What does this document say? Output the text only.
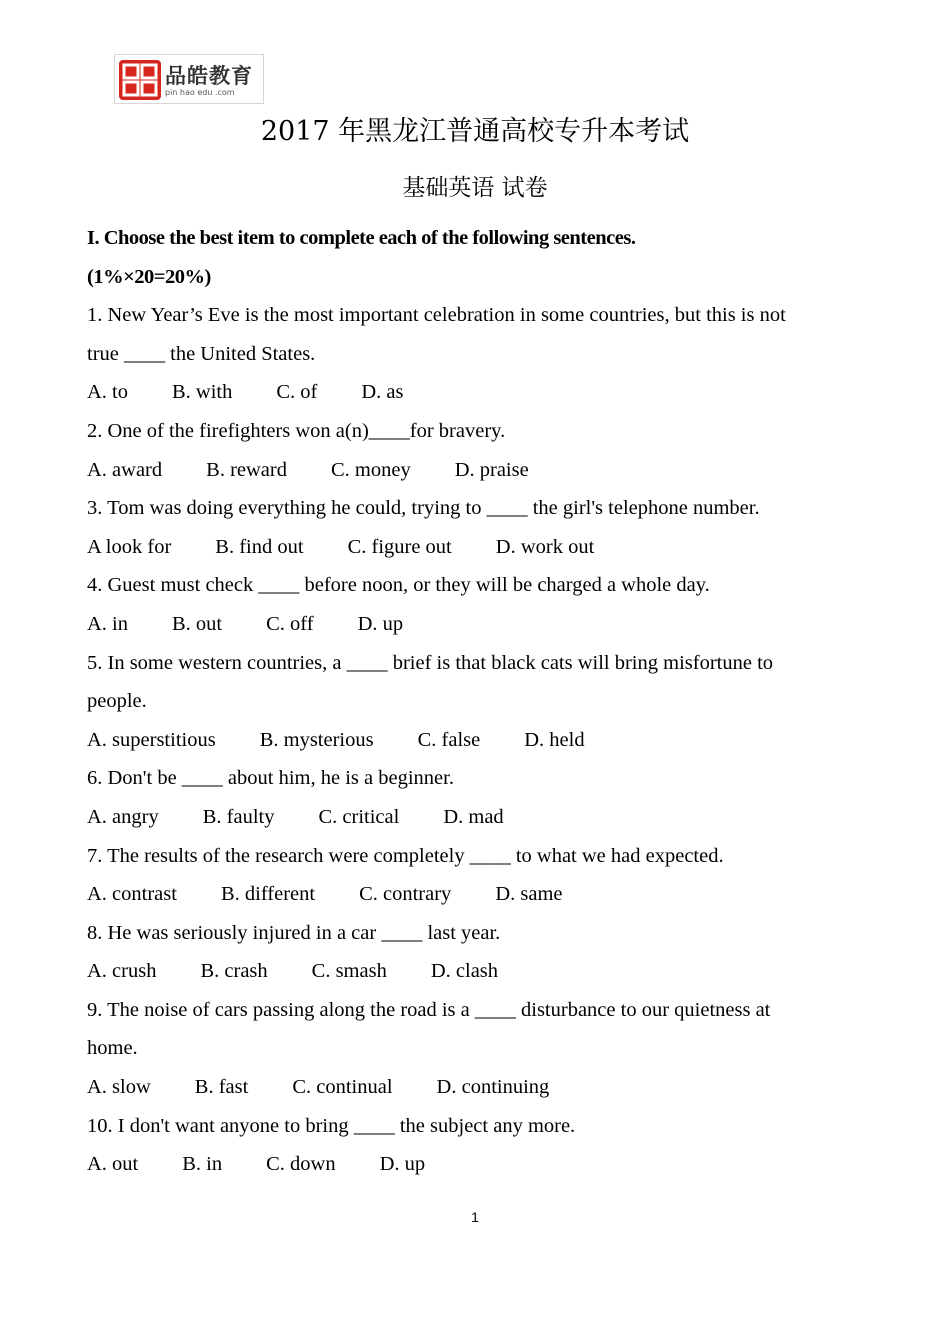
品皓教育
pin hao edu .com
2017 年黑龙江普通高校专升本考试
基础英语 试卷
I. Choose the best item to complete each of the following sentences.
(1%×20=20%)
1. New Year’s Eve is the most important celebration in some countries, but this is not
true ____ the United States.
A. to B. with C. of D. as
2. One of the firefighters won a(n)____for bravery.
A. award B. reward C. money D. praise
3. Tom was doing everything he could, trying to ____ the girl's telephone number.
A look for B. find out C. figure out D. work out
4. Guest must check ____ before noon, or they will be charged a whole day.
A. in B. out C. off D. up
5. In some western countries, a ____ brief is that black cats will bring misfortune to
people.
A. superstitious B. mysterious C. false D. held
6. Don't be ____ about him, he is a beginner.
A. angry B. faulty C. critical D. mad
7. The results of the research were completely ____ to what we had expected.
A. contrast B. different C. contrary D. same
8. He was seriously injured in a car ____ last year.
A. crush B. crash C. smash D. clash
9. The noise of cars passing along the road is a ____ disturbance to our quietness at
home.
A. slow B. fast C. continual D. continuing
10. I don't want anyone to bring ____ the subject any more.
A. out B. in C. down D. up
1
